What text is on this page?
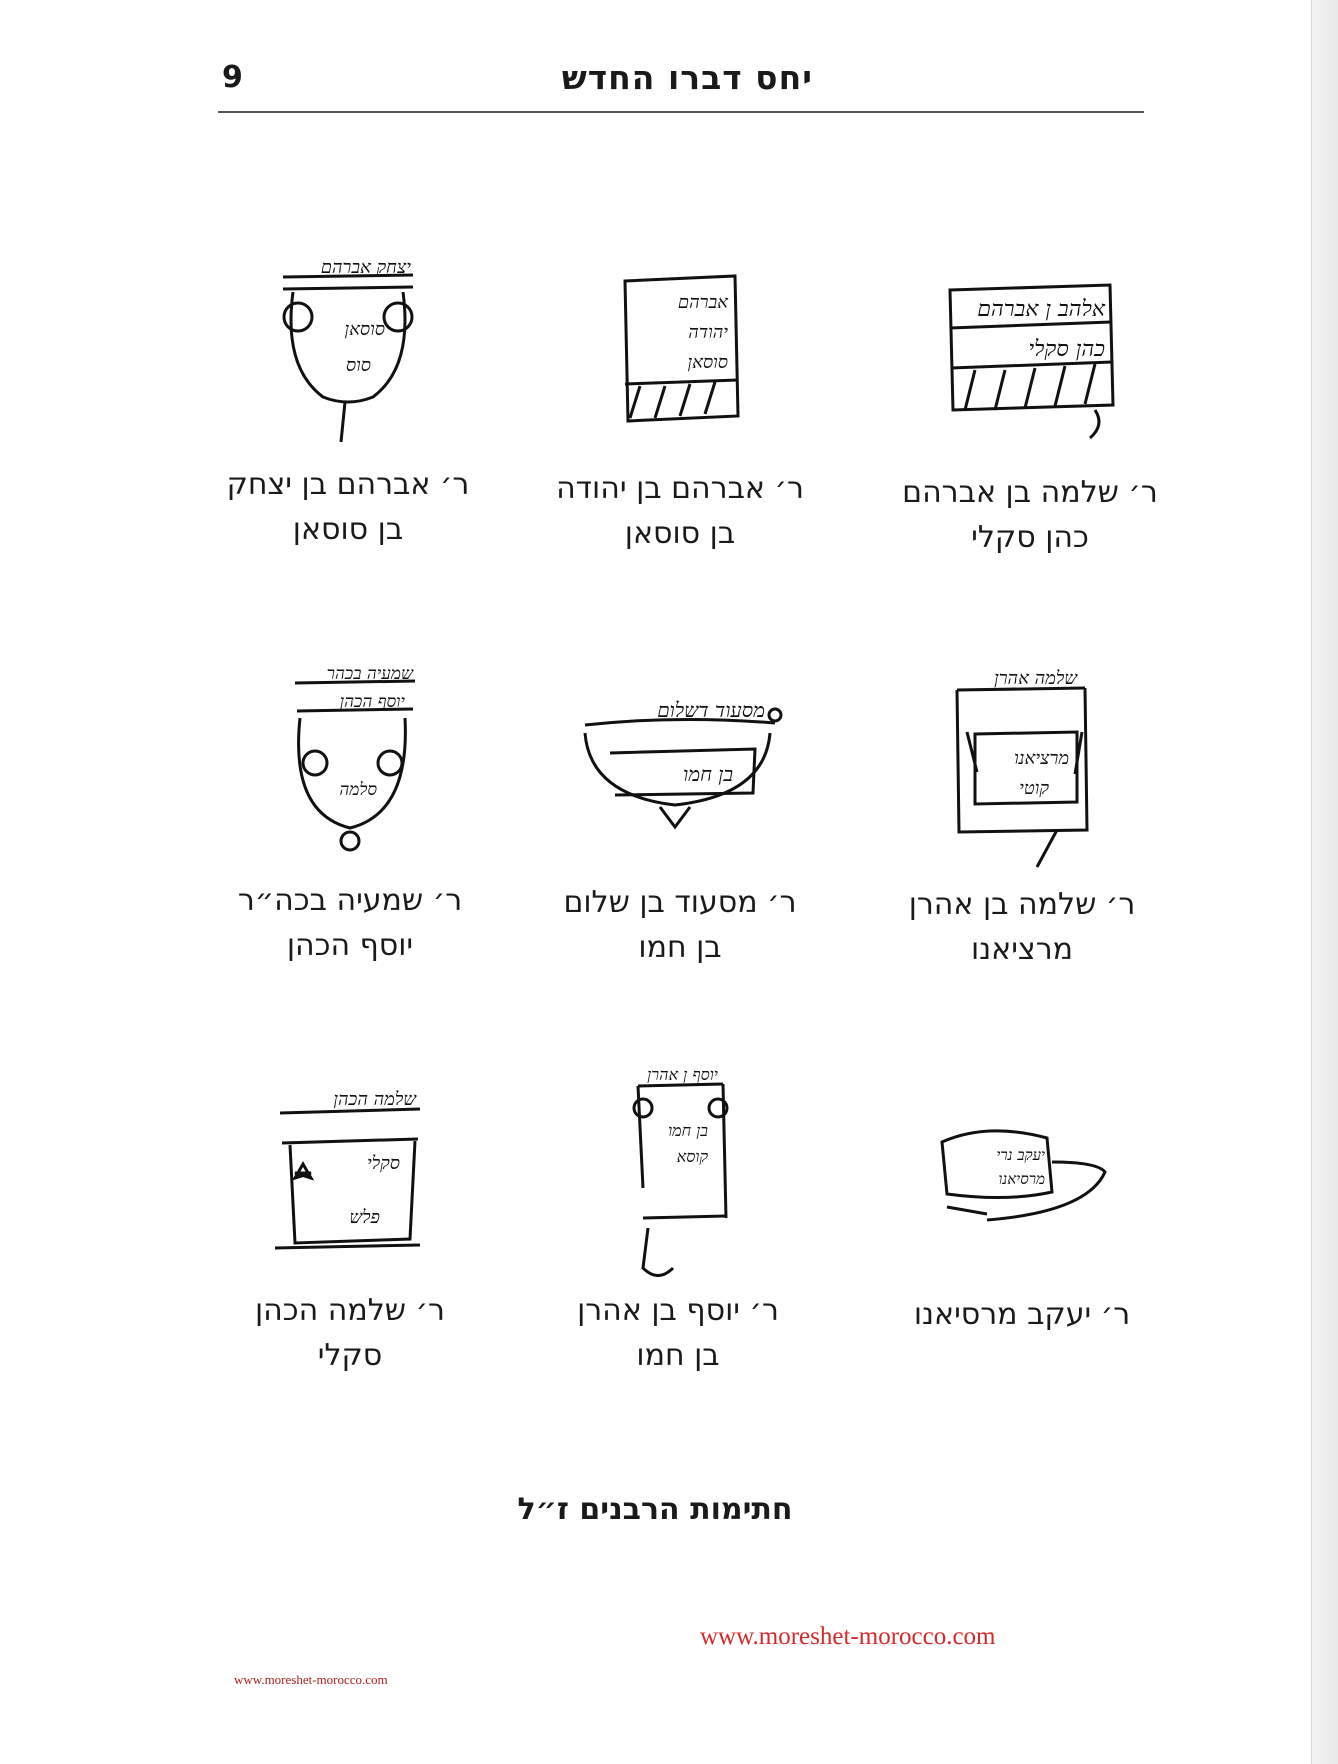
9	יחס דברו החדש
אלהב ן אברהם
כהן סקלי
ר׳ שלמה בן אברהם
כהן סקלי
אברהם
יהודה
סוסאן
ר׳ אברהם בן יהודה
בן סוסאן
יצחק אברהם
סוסאן
סוס
ר׳ אברהם בן יצחק
בן סוסאן
שלמה אהרן
מרציאנו
קוטי
ר׳ שלמה בן אהרן
מרציאנו
מסעוד דשלום
בן חמו
ר׳ מסעוד בן שלום
בן חמו
שמעיה בכהר
יוסף הכהן
סלמה
ר׳ שמעיה בכה״ר
יוסף הכהן
יעקב נרי
מרסיאנו
ר׳ יעקב מרסיאנו
יוסף ן אהרן
בן חמו
קוסא
ר׳ יוסף בן אהרן
בן חמו
שלמה הכהן
סקלי
פלש
ר׳ שלמה הכהן
סקלי
חתימות הרבנים ז״ל
www.moreshet-morocco.com
www.moreshet-morocco.com
